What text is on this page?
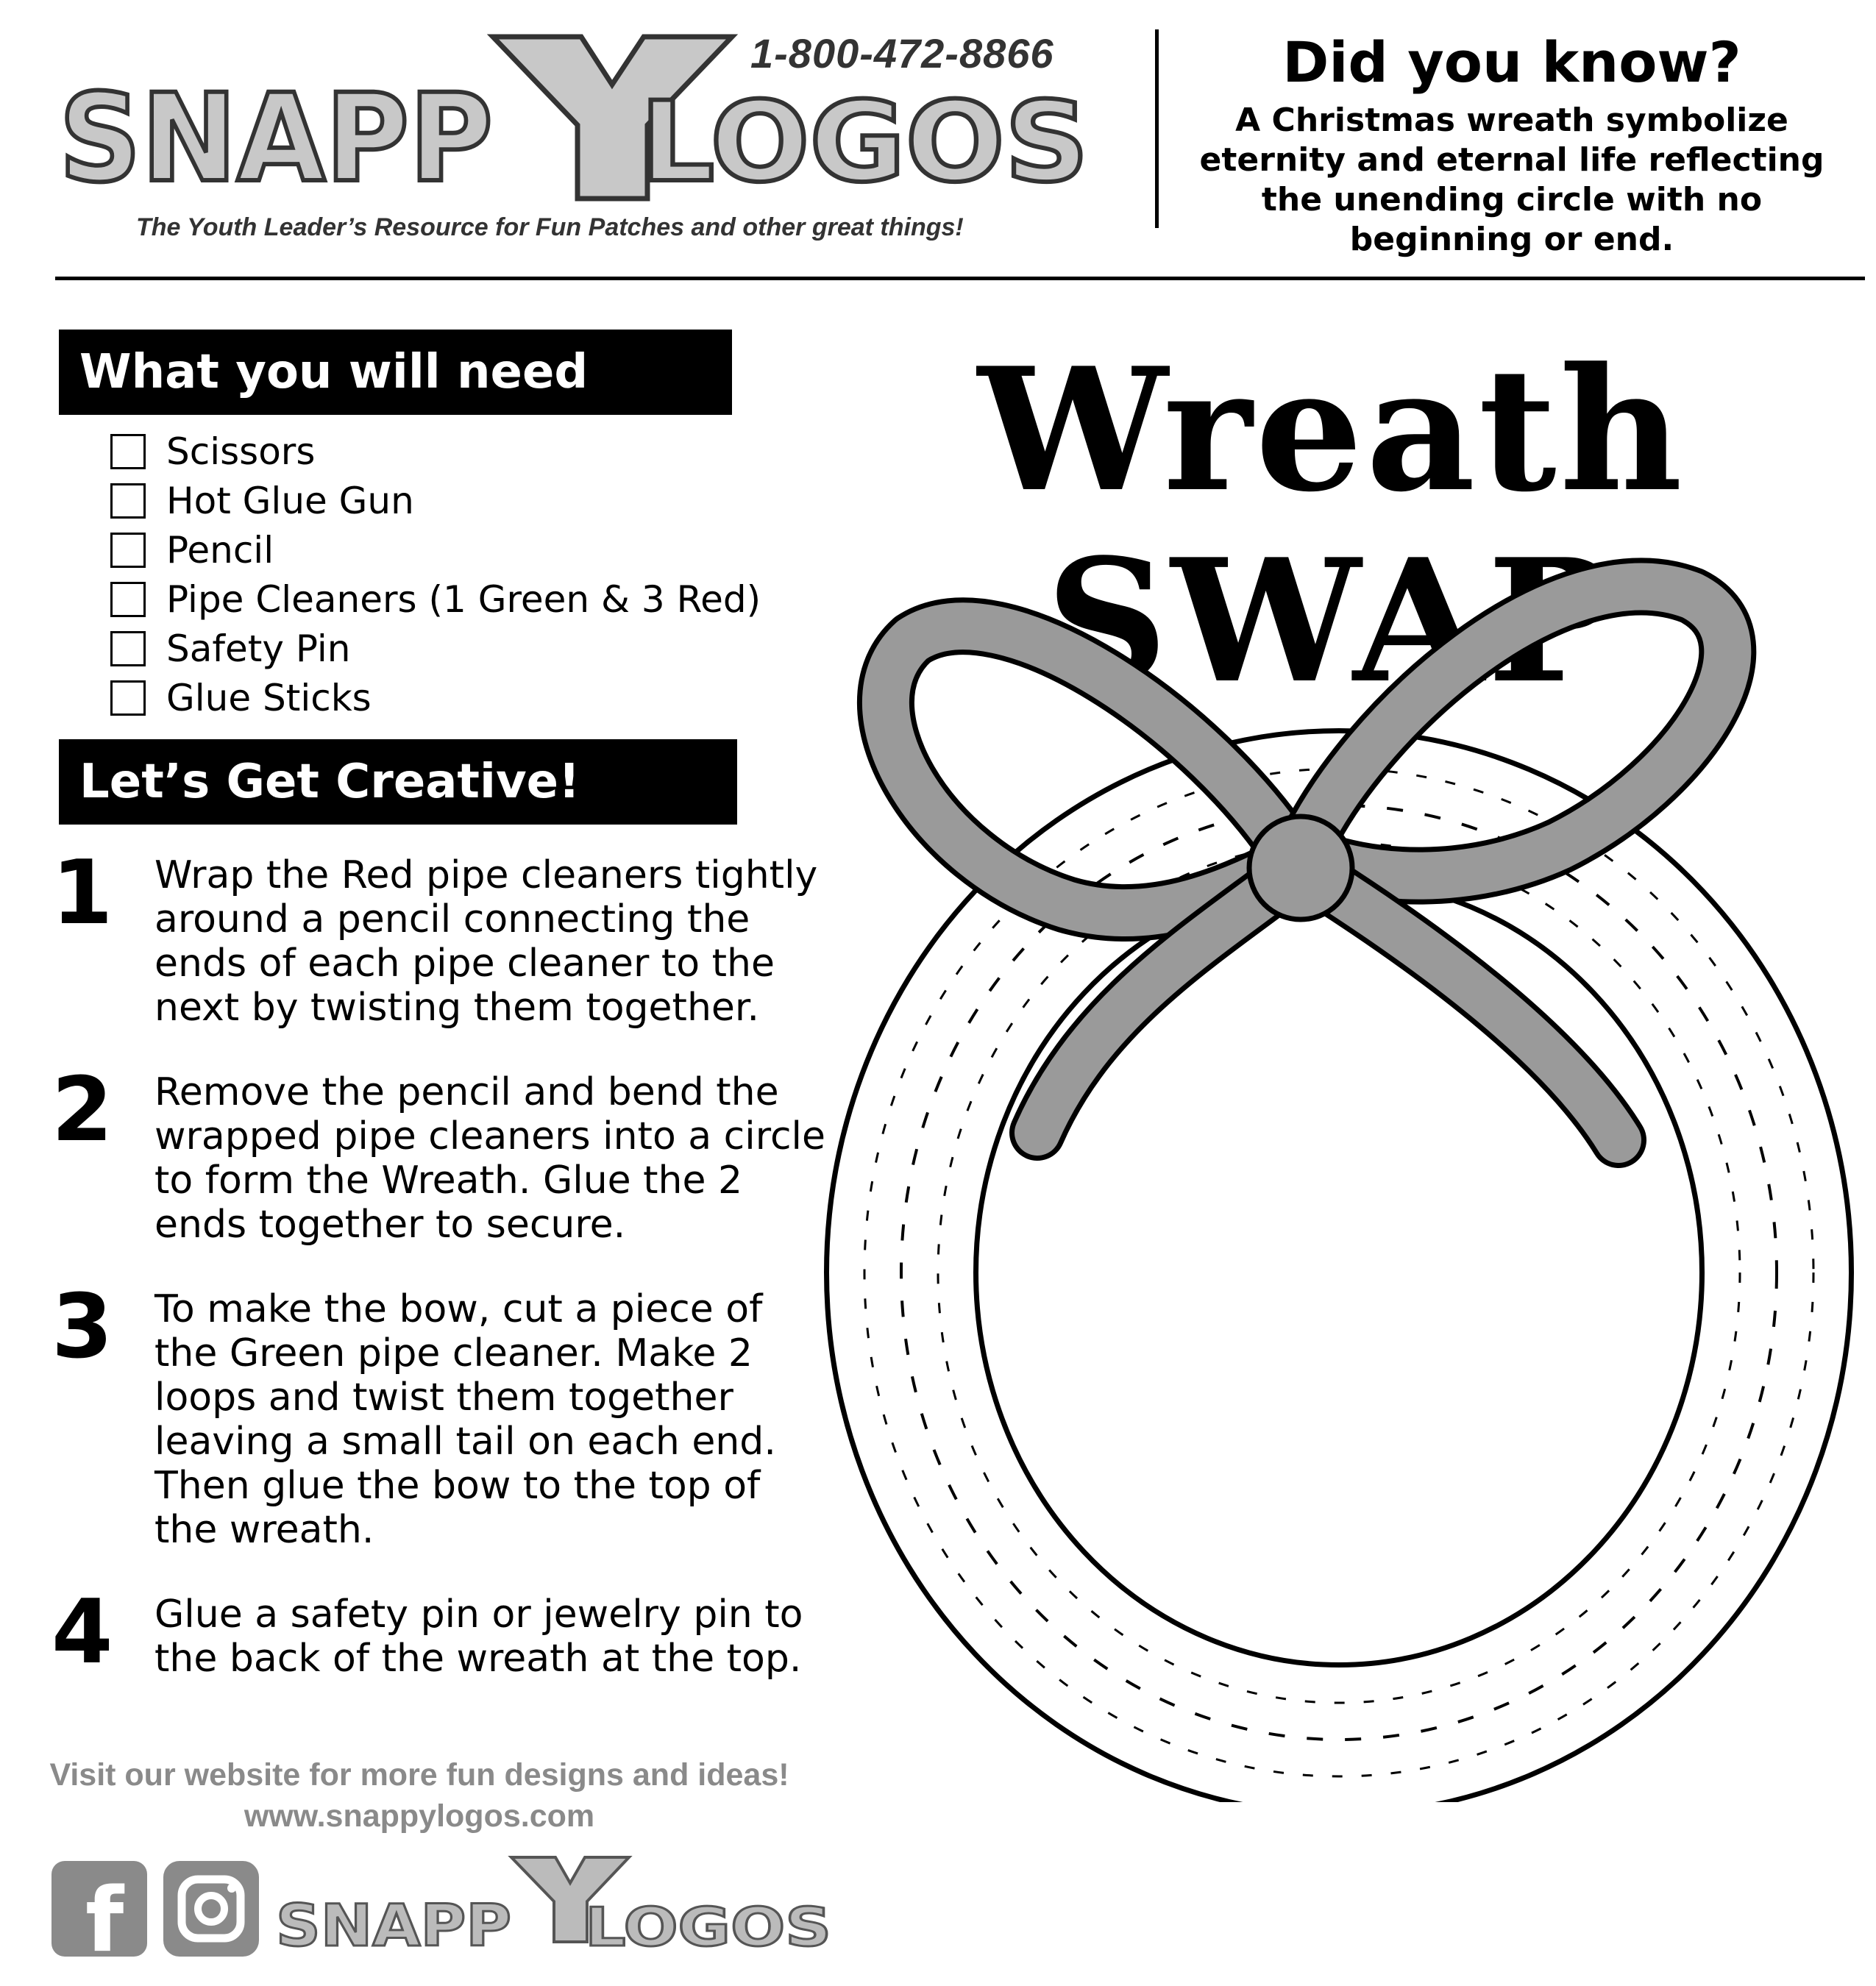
SNAPP LOGOS
1-800-472-8866
The Youth Leader’s Resource for Fun Patches and other great things!
Did you know?
A Christmas wreath symbolize
eternity and eternal life reflecting
the unending circle with no
beginning or end.
What you will need
Scissors
Hot Glue Gun
Pencil
Pipe Cleaners (1 Green & 3 Red)
Safety Pin
Glue Sticks
Let’s Get Creative!
1	Wrap the Red pipe cleaners tightly around a pencil connecting the ends of each pipe cleaner to the next by twisting them together.
2	Remove the pencil and bend the wrapped pipe cleaners into a circle to form the Wreath. Glue the 2 ends together to secure.
3	To make the bow, cut a piece of the Green pipe cleaner. Make 2 loops and twist them together leaving a small tail on each end. Then glue the bow to the top of the wreath.
4	Glue a safety pin or jewelry pin to the back of the wreath at the top.
Visit our website for more fun designs and ideas!
www.snappylogos.com
f	SNAPP LOGOS
Wreath SWAP
